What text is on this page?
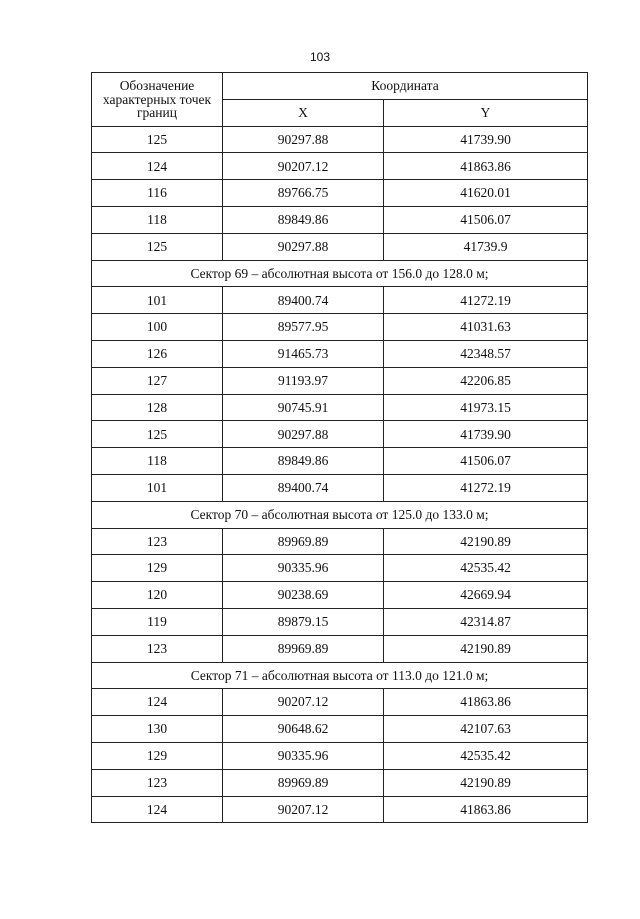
103
Обозначение характерных точек границ	Координата	
	X	Y
125	90297.88	41739.90
124	90207.12	41863.86
116	89766.75	41620.01
118	89849.86	41506.07
125	90297.88	41739.9
Сектор 69 – абсолютная высота от 156.0 до 128.0 м;		
101	89400.74	41272.19
100	89577.95	41031.63
126	91465.73	42348.57
127	91193.97	42206.85
128	90745.91	41973.15
125	90297.88	41739.90
118	89849.86	41506.07
101	89400.74	41272.19
Сектор 70 – абсолютная высота от 125.0 до 133.0 м;		
123	89969.89	42190.89
129	90335.96	42535.42
120	90238.69	42669.94
119	89879.15	42314.87
123	89969.89	42190.89
Сектор 71 – абсолютная высота от 113.0 до 121.0 м;		
124	90207.12	41863.86
130	90648.62	42107.63
129	90335.96	42535.42
123	89969.89	42190.89
124	90207.12	41863.86
